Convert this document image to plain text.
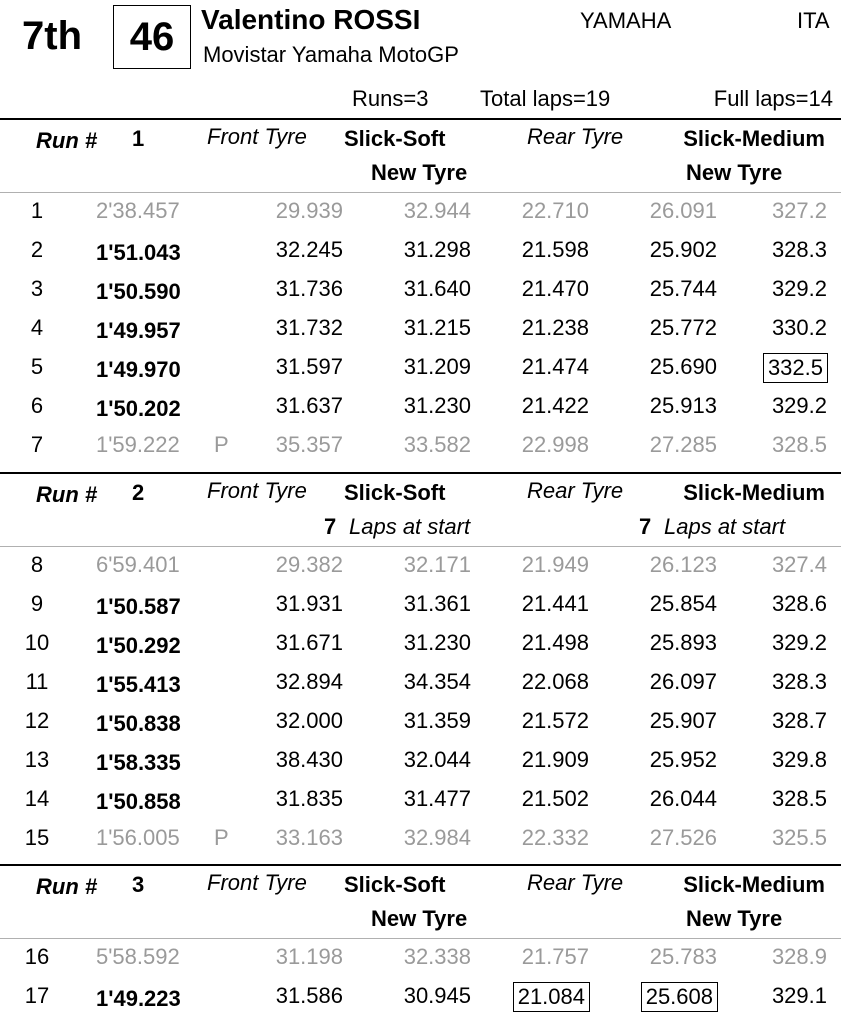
7th	46 Valentino ROSSI
Movistar Yamaha MotoGP
YAMAHA	ITA
Runs=3 Total laps=19	Full laps=14
Run # 1	Front Tyre Slick-Soft	Rear Tyre	Slick-Medium
New Tyre	New Tyre
1	2'38.457	29.939	32.944 22.710	26.091 327.2
2	1'51.043	32.245	31.298 21.598	25.902 328.3
3	1'50.590	31.736	31.640 21.470	25.744 329.2
4	1'49.957	31.732	31.215 21.238	25.772 330.2
5	1'49.970	31.597	31.209 21.474	25.690 332.5
6	1'50.202	31.637	31.230 21.422	25.913 329.2
7	1'59.222 P 35.357	33.582 22.998	27.285 328.5
Run # 2	Front Tyre Slick-Soft	Rear Tyre	Slick-Medium
7 Laps at start	7 Laps at start
8	6'59.401	29.382	32.171 21.949	26.123 327.4
9	1'50.587	31.931	31.361 21.441	25.854 328.6
10 1'50.292	31.671	31.230 21.498	25.893 329.2
11 1'55.413	32.894	34.354 22.068	26.097 328.3
12 1'50.838	32.000	31.359 21.572	25.907 328.7
13 1'58.335	38.430	32.044 21.909	25.952 329.8
14 1'50.858	31.835	31.477 21.502	26.044 328.5
15 1'56.005 P 33.163	32.984 22.332	27.526 325.5
Run # 3	Front Tyre Slick-Soft	Rear Tyre	Slick-Medium
New Tyre	New Tyre
16 5'58.592	31.198	32.338 21.757	25.783 328.9
17 1'49.223	31.586	30.945 21.084	25.608	329.1
